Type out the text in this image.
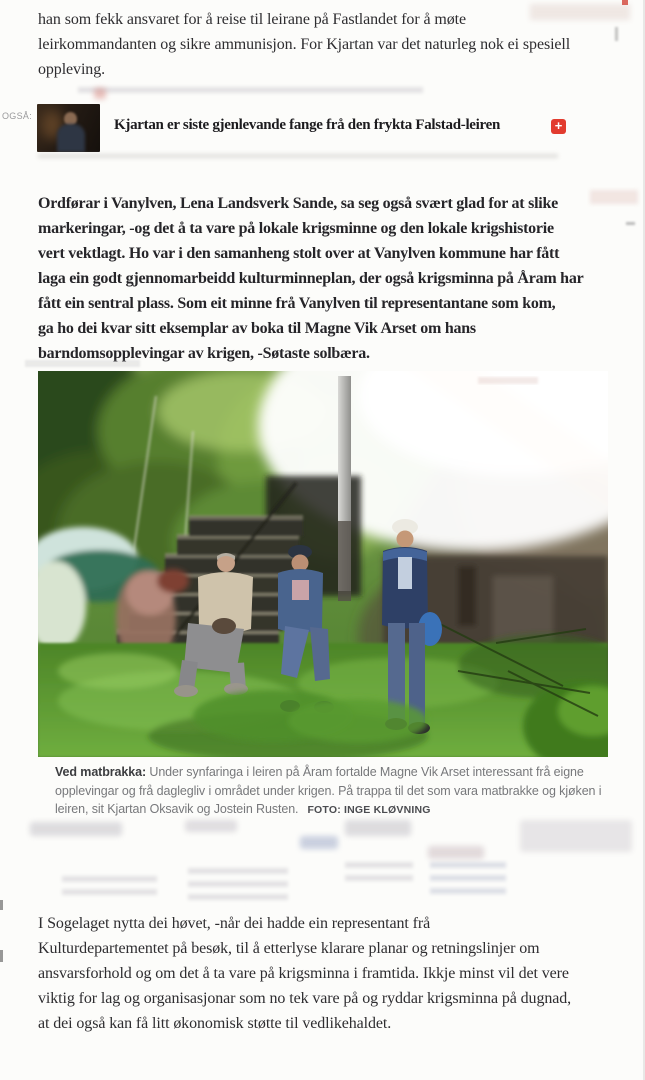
han som fekk ansvaret for å reise til leirane på Fastlandet for å møte
leirkommandanten og sikre ammunisjon. For Kjartan var det naturleg nok ei spesiell
oppleving.
OGSÅ:
Kjartan er siste gjenlevande fange frå den frykta Falstad-leiren	+
Ordførar i Vanylven, Lena Landsverk Sande, sa seg også svært glad for at slike
markeringar, -og det å ta vare på lokale krigsminne og den lokale krigshistorie
vert vektlagt. Ho var i den samanheng stolt over at Vanylven kommune har fått
laga ein godt gjennomarbeidd kulturminneplan, der også krigsminna på Åram har
fått ein sentral plass. Som eit minne frå Vanylven til representantane som kom,
ga ho dei kvar sitt eksemplar av boka til Magne Vik Arset om hans
barndomsopplevingar av krigen, -Søtaste solbæra.
Ved matbrakka: Under synfaringa i leiren på Åram fortalde Magne Vik Arset interessant frå eigne
opplevingar og frå daglegliv i området under krigen. På trappa til det som vara matbrakke og kjøken i
leiren, sit Kjartan Oksavik og Jostein Rusten. FOTO: INGE KLØVNING
I Sogelaget nytta dei høvet, -når dei hadde ein representant frå
Kulturdepartementet på besøk, til å etterlyse klarare planar og retningslinjer om
ansvarsforhold og om det å ta vare på krigsminna i framtida. Ikkje minst vil det vere
viktig for lag og organisasjonar som no tek vare på og ryddar krigsminna på dugnad,
at dei også kan få litt økonomisk støtte til vedlikehaldet.
